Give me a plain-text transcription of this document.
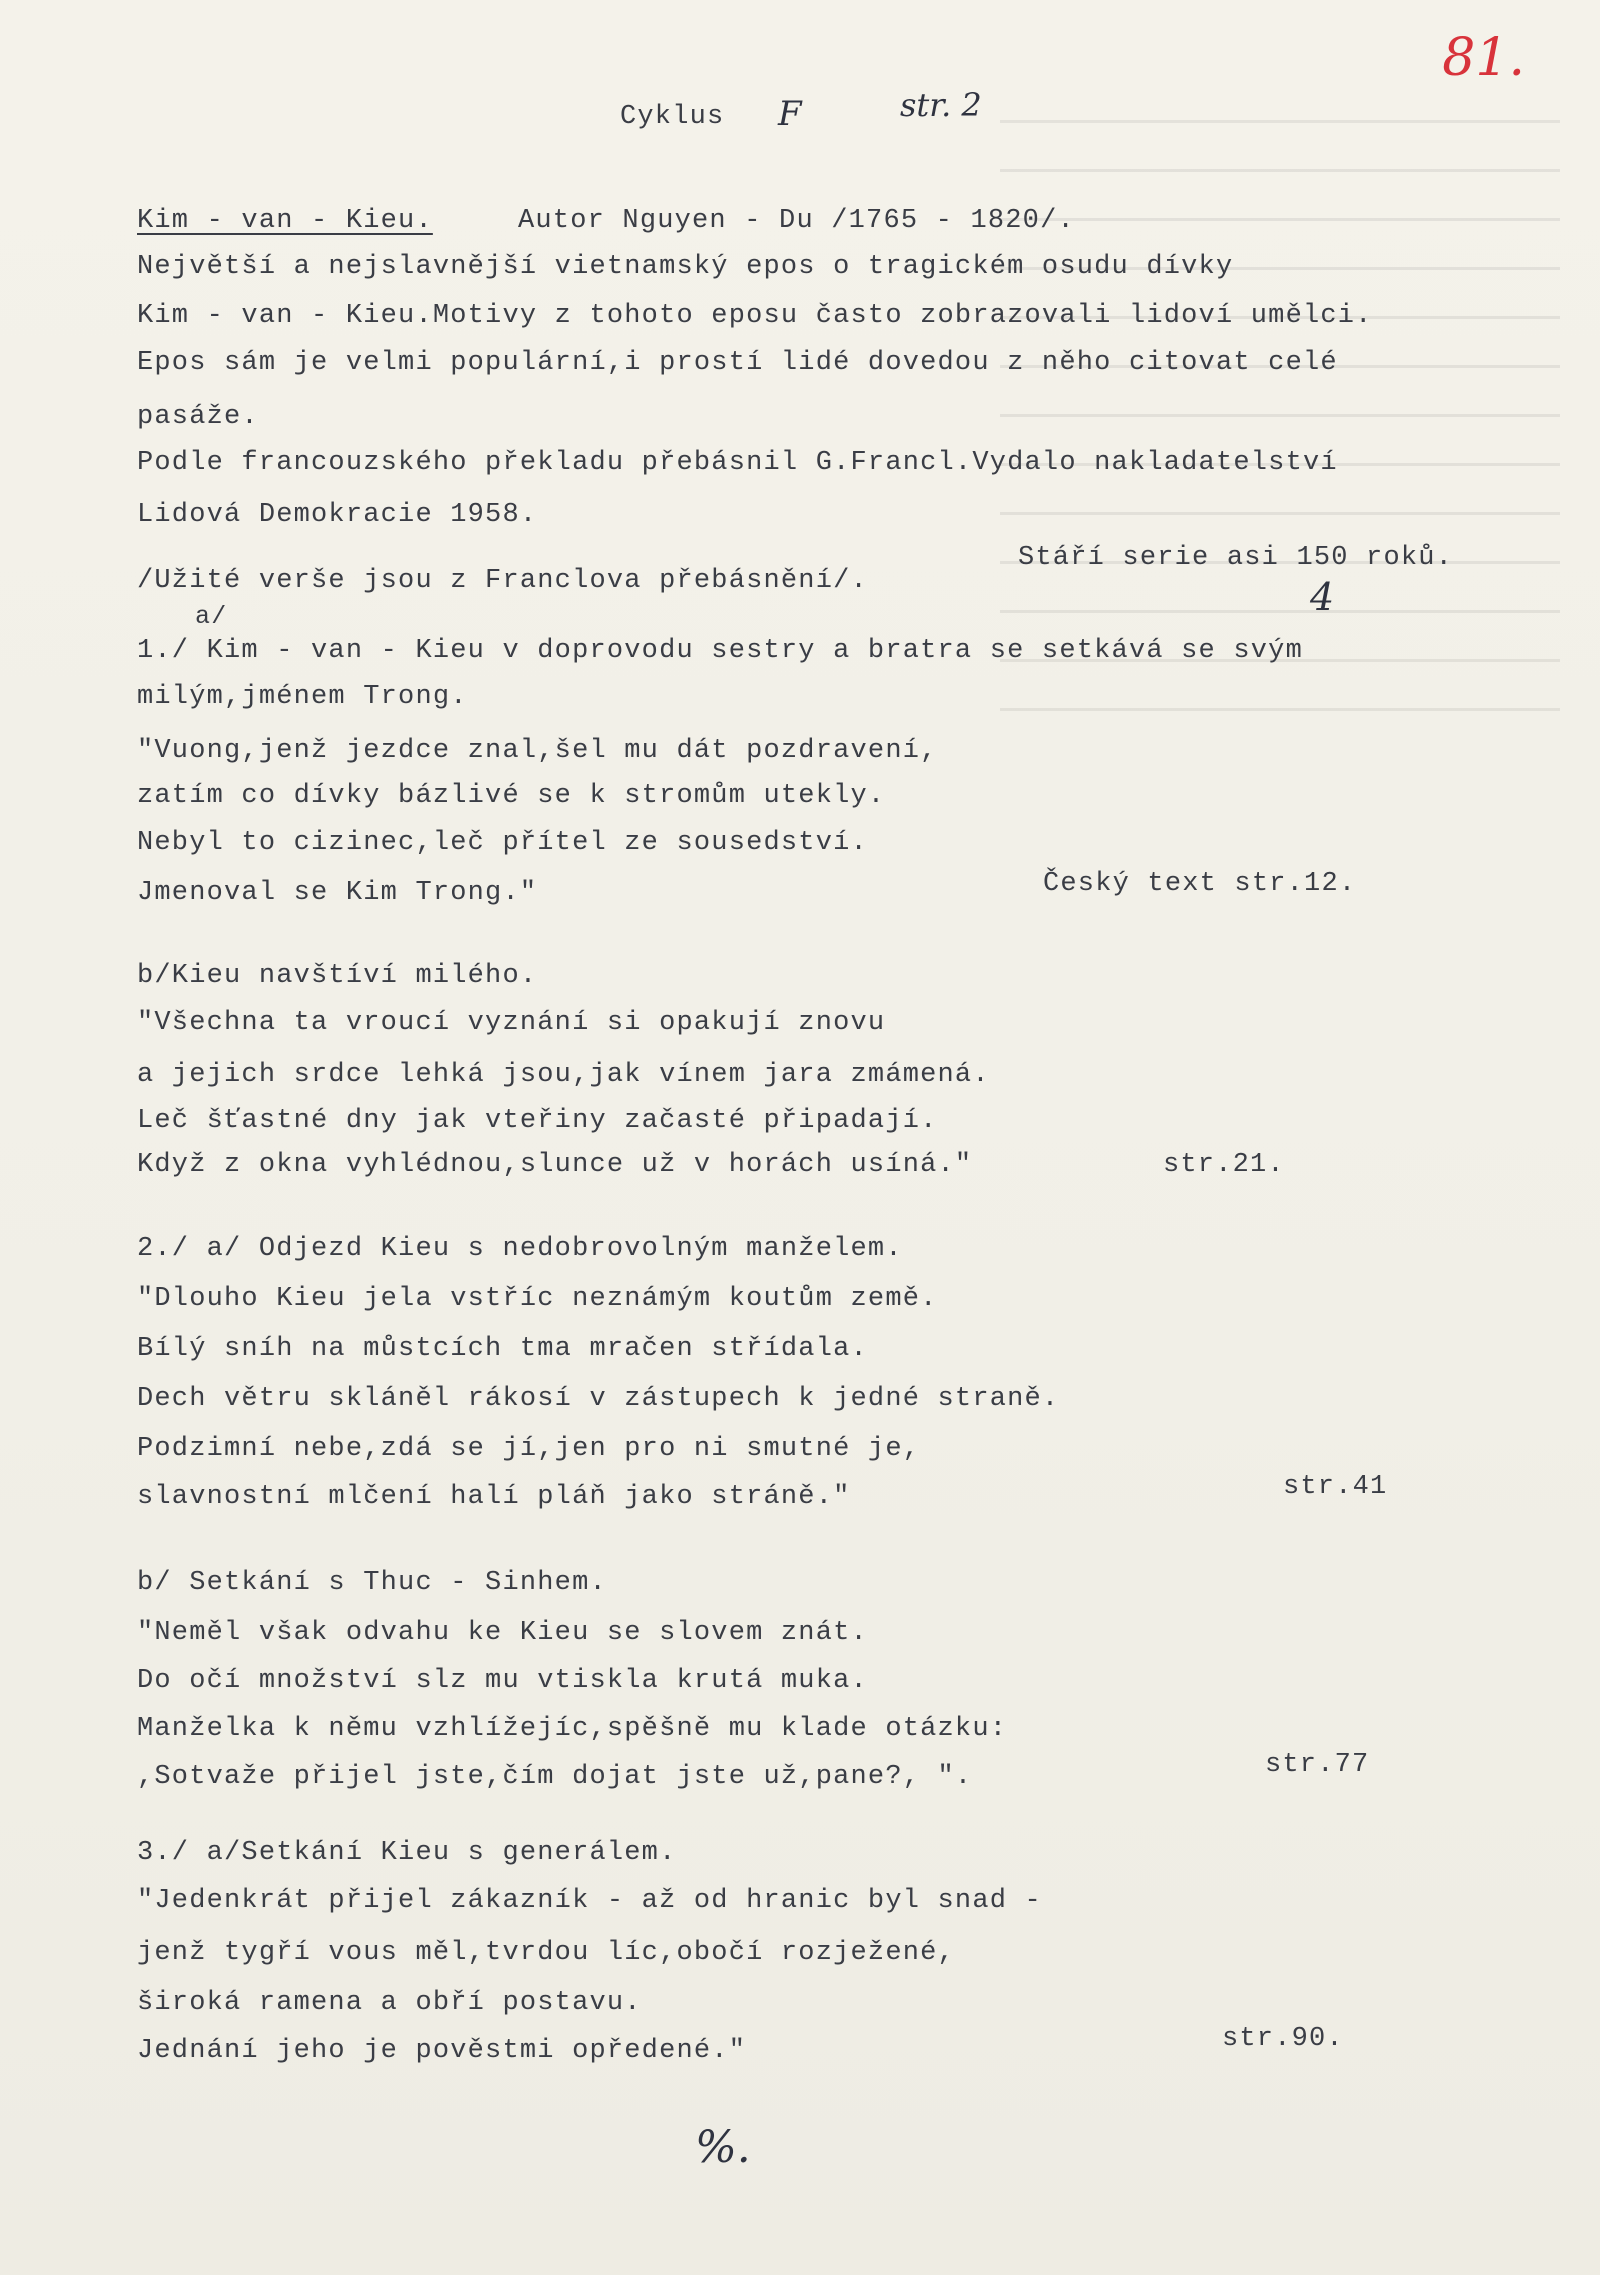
Cyklus F	str. 2
81.
Kim - van - Kieu.	Autor Nguyen - Du /1765 - 1820/.
Největší a nejslavnější vietnamský epos o tragickém osudu dívky
Kim - van - Kieu.Motivy z tohoto eposu často zobrazovali lidoví umělci.
Epos sám je velmi populární,i prostí lidé dovedou z něho citovat celé
pasáže.
Podle francouzského překladu přebásnil G.Francl.Vydalo nakladatelství
Lidová Demokracie 1958.
Stáří serie asi 150 roků.
/Užité verše jsou z Franclova přebásnění/.	4
a/
1./ Kim - van - Kieu v doprovodu sestry a bratra se setkává se svým
milým,jménem Trong.
"Vuong,jenž jezdce znal,šel mu dát pozdravení,
zatím co dívky bázlivé se k stromům utekly.
Nebyl to cizinec,leč přítel ze sousedství.
Jmenoval se Kim Trong."	Český text str.12.
b/Kieu navštíví milého.
"Všechna ta vroucí vyznání si opakují znovu
a jejich srdce lehká jsou,jak vínem jara zmámená.
Leč šťastné dny jak vteřiny začasté připadají.
Když z okna vyhlédnou,slunce už v horách usíná."	str.21.
2./ a/ Odjezd Kieu s nedobrovolným manželem.
"Dlouho Kieu jela vstříc neznámým koutům země.
Bílý sníh na můstcích tma mračen střídala.
Dech větru skláněl rákosí v zástupech k jedné straně.
Podzimní nebe,zdá se jí,jen pro ni smutné je,
slavnostní mlčení halí pláň jako stráně."	str.41
b/ Setkání s Thuc - Sinhem.
"Neměl však odvahu ke Kieu se slovem znát.
Do očí množství slz mu vtiskla krutá muka.
Manželka k němu vzhlížejíc,spěšně mu klade otázku:
,Sotvaže přijel jste,čím dojat jste už,pane?, ".	str.77
3./ a/Setkání Kieu s generálem.
"Jedenkrát přijel zákazník - až od hranic byl snad -
jenž tygří vous měl,tvrdou líc,obočí rozježené,
široká ramena a obří postavu.
Jednání jeho je pověstmi opředené."	str.90.
%.
